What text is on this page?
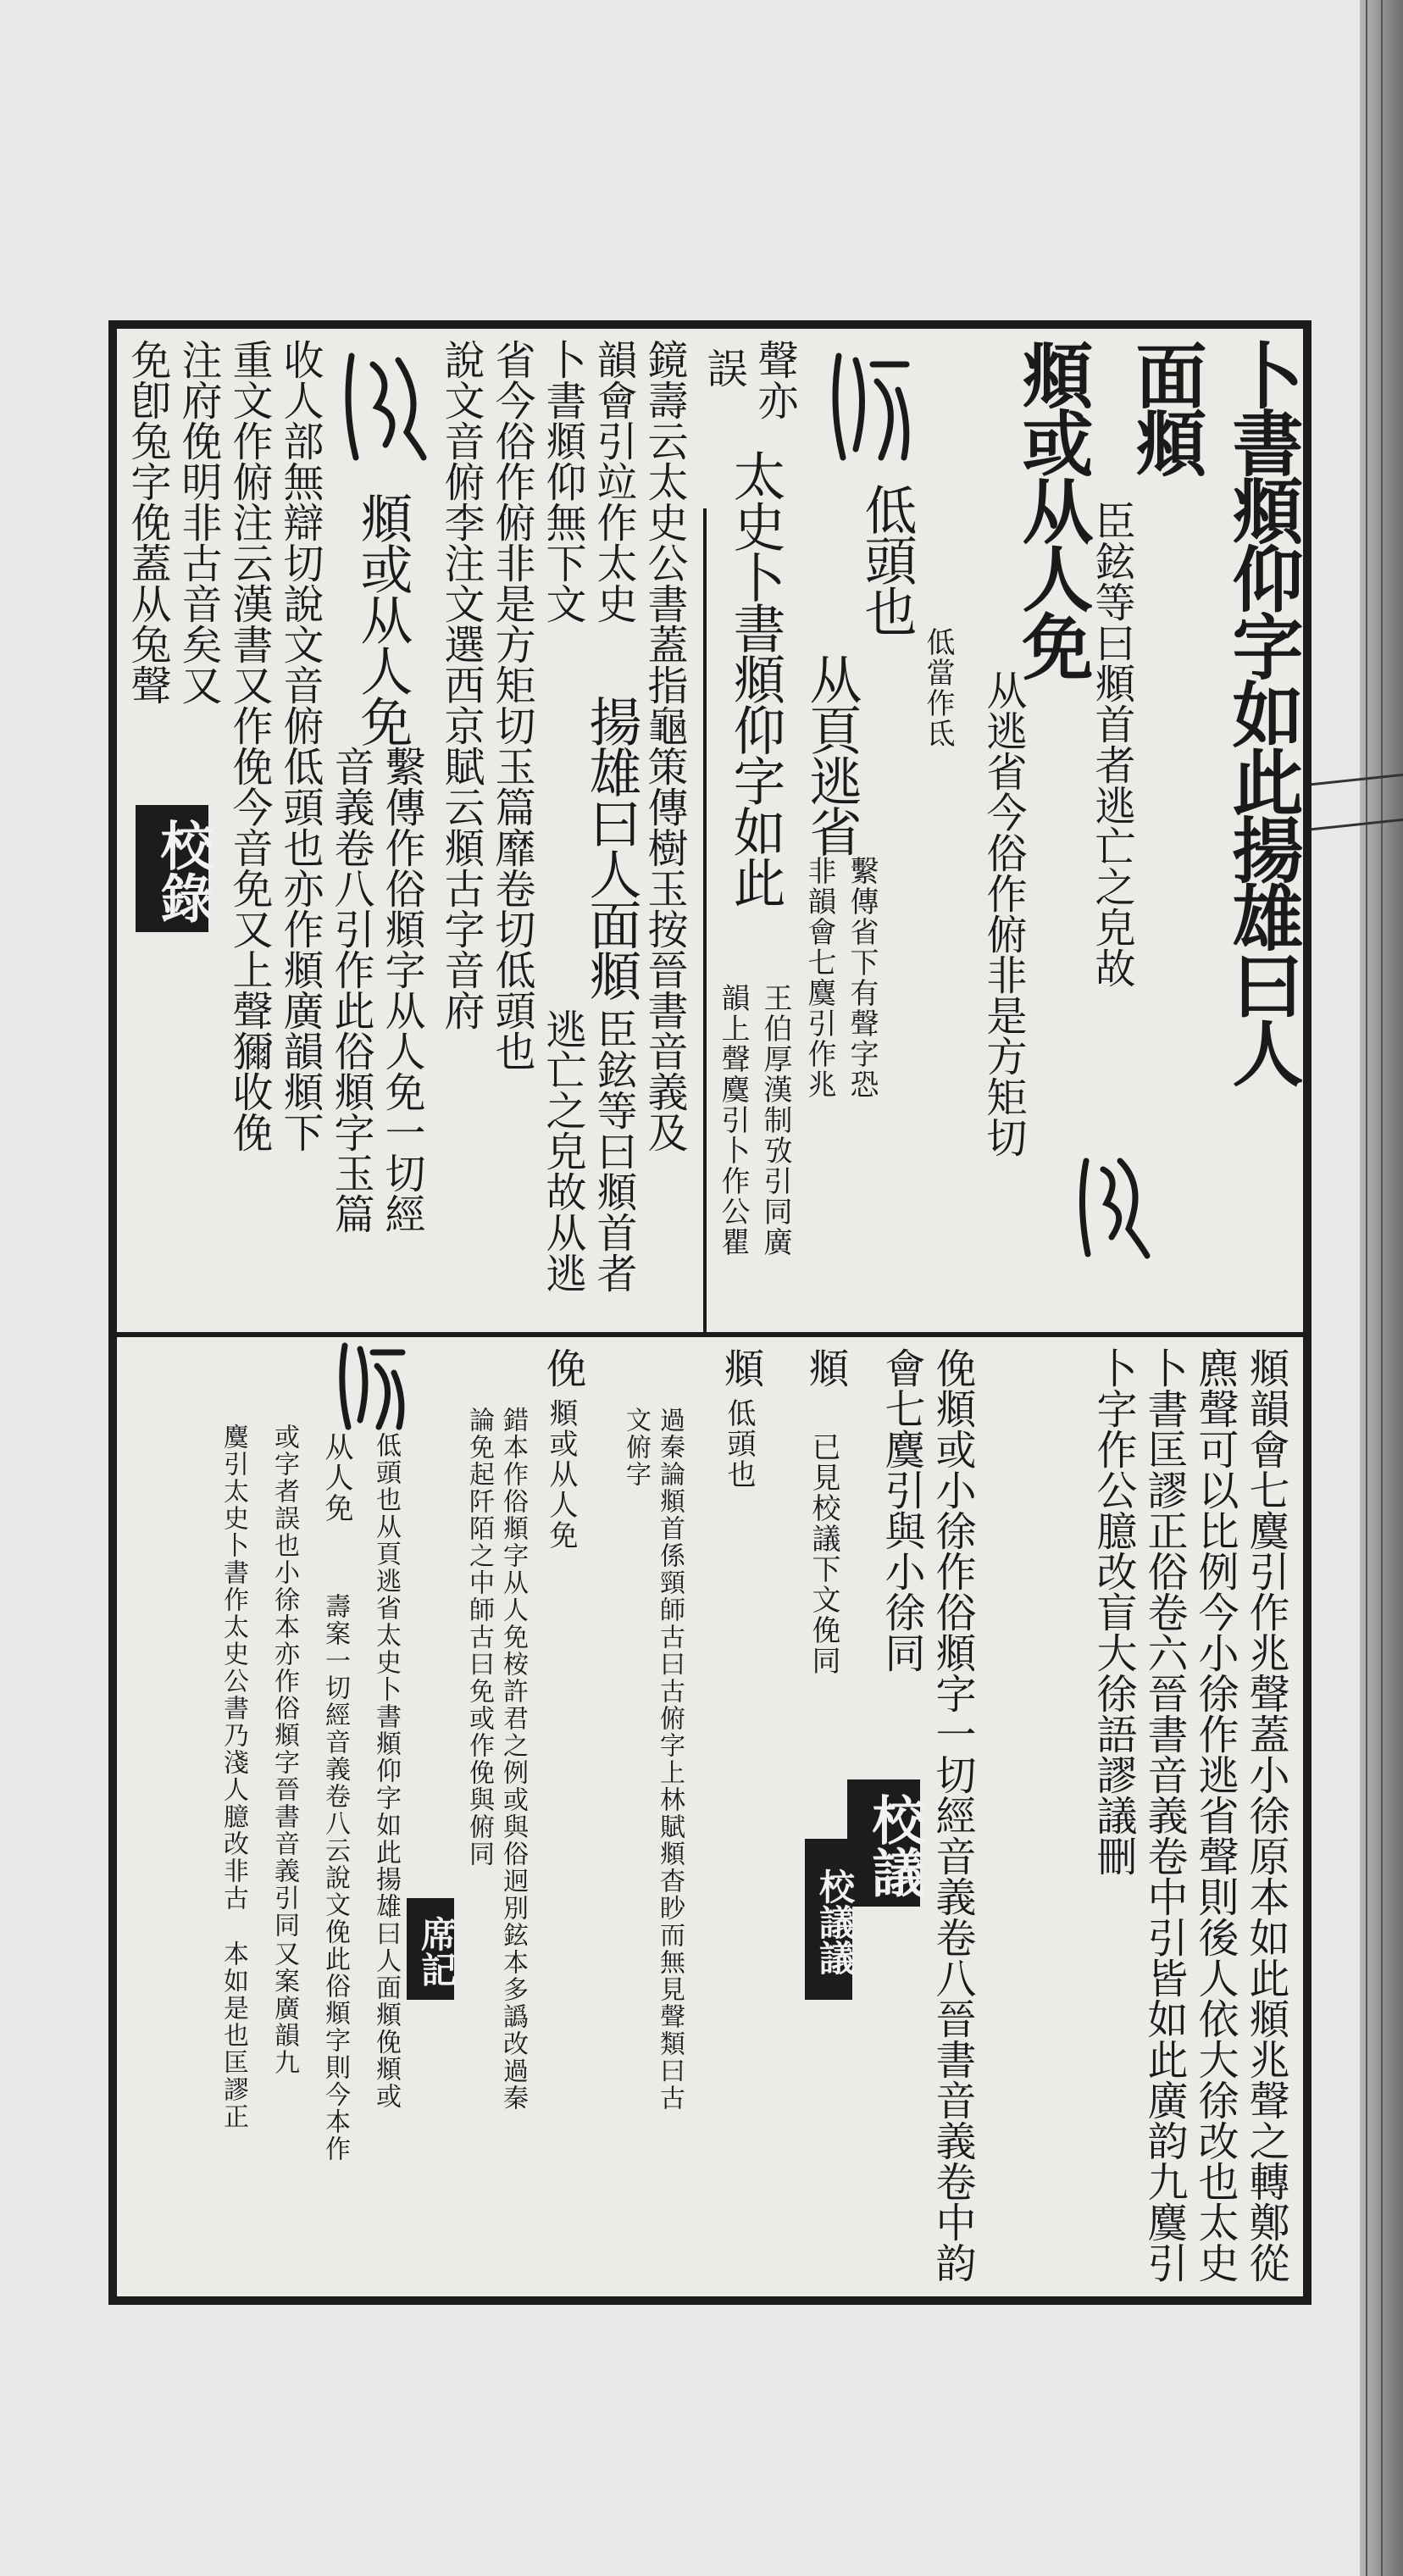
卜書頫仰字如此揚雄曰人
面頫
臣鉉等曰頫首者逃亡之皃故
頫或从人免
从逃省今俗作俯非是方矩切
低頭也
低當作氐
从頁逃省
繫傳省下有聲字恐
非韻會七麌引作兆
聲亦
誤
太史卜書頫仰字如此
韻上聲麌引卜作公瞿 王伯厚漢制攷引同廣
鏡壽云太史公書蓋指龜策傳樹玉按晉書音義及
韻會引竝作太史
揚雄曰人面頫
臣鉉等曰頫首者
卜書頫仰無下文
逃亡之皃故从逃
省今俗作俯非是方矩切玉篇靡卷切低頭也
說文音俯李注文選西京賦云頫古字音府
頫或从人免
繫傳作俗頫字从人免一切經
音義卷八引作此俗頫字玉篇
收人部無辯切說文音俯低頭也亦作頫廣韻頫下
重文作俯注云漢書又作俛今音免又上聲獮收俛
注府俛明非古音矣又
免卽兔字俛蓋从兔聲
校錄
頫韻會七麌引作兆聲蓋小徐原本如此頫兆聲之轉鄭從
麃聲可以比例今小徐作逃省聲則後人依大徐改也太史
卜書匡謬正俗卷六晉書音義卷中引皆如此廣韵九麌引
卜字作公臆改盲大徐語謬議刪
俛頫或小徐作俗頫字一切經音義卷八晉書音義卷中韵
會七麌引與小徐同
校議
頫
已見校議下文俛同
校議議
頫
低頭也
過秦論頫首係頸師古曰古俯字上林賦頫杳眇而無見聲類曰古
文俯字
俛
頫或从人免
錯本作俗頫字从人免桉許君之例或與俗迥別鉉本多譌改過秦
論免起阡陌之中師古曰免或作俛與俯同
席記
低頭也从頁逃省太史卜書頫仰字如此揚雄曰人面頫俛頫或
从人免
壽案一切經音義卷八云說文俛此俗頫字則今本作
或字者誤也小徐本亦作俗頫字晉書音義引同
又案廣韻九
麌引太史卜書作太史公書乃淺人臆改非古
本如是也匡謬正
